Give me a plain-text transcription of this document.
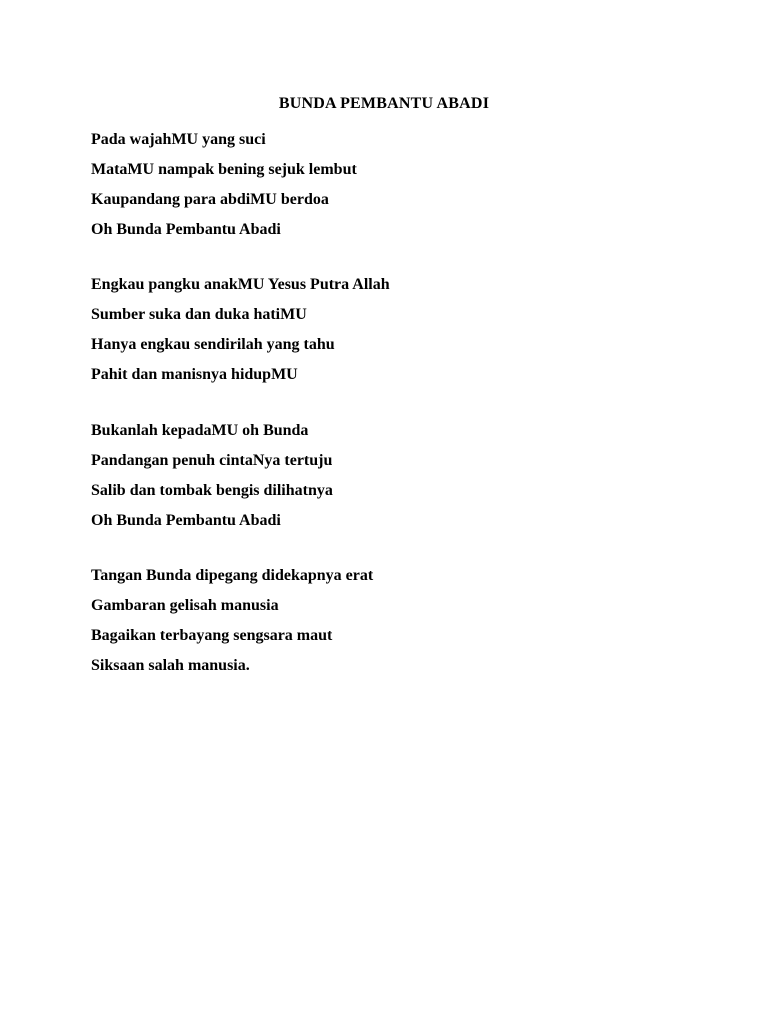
BUNDA PEMBANTU ABADI
Pada wajahMU yang suci
MataMU nampak bening sejuk lembut
Kaupandang para abdiMU berdoa
Oh Bunda Pembantu Abadi
Engkau pangku anakMU Yesus Putra Allah
Sumber suka dan duka hatiMU
Hanya engkau sendirilah yang tahu
Pahit dan manisnya hidupMU
Bukanlah kepadaMU oh Bunda
Pandangan penuh cintaNya tertuju
Salib dan tombak bengis dilihatnya
Oh Bunda Pembantu Abadi
Tangan Bunda dipegang didekapnya erat
Gambaran gelisah manusia
Bagaikan terbayang sengsara maut
Siksaan salah manusia.
